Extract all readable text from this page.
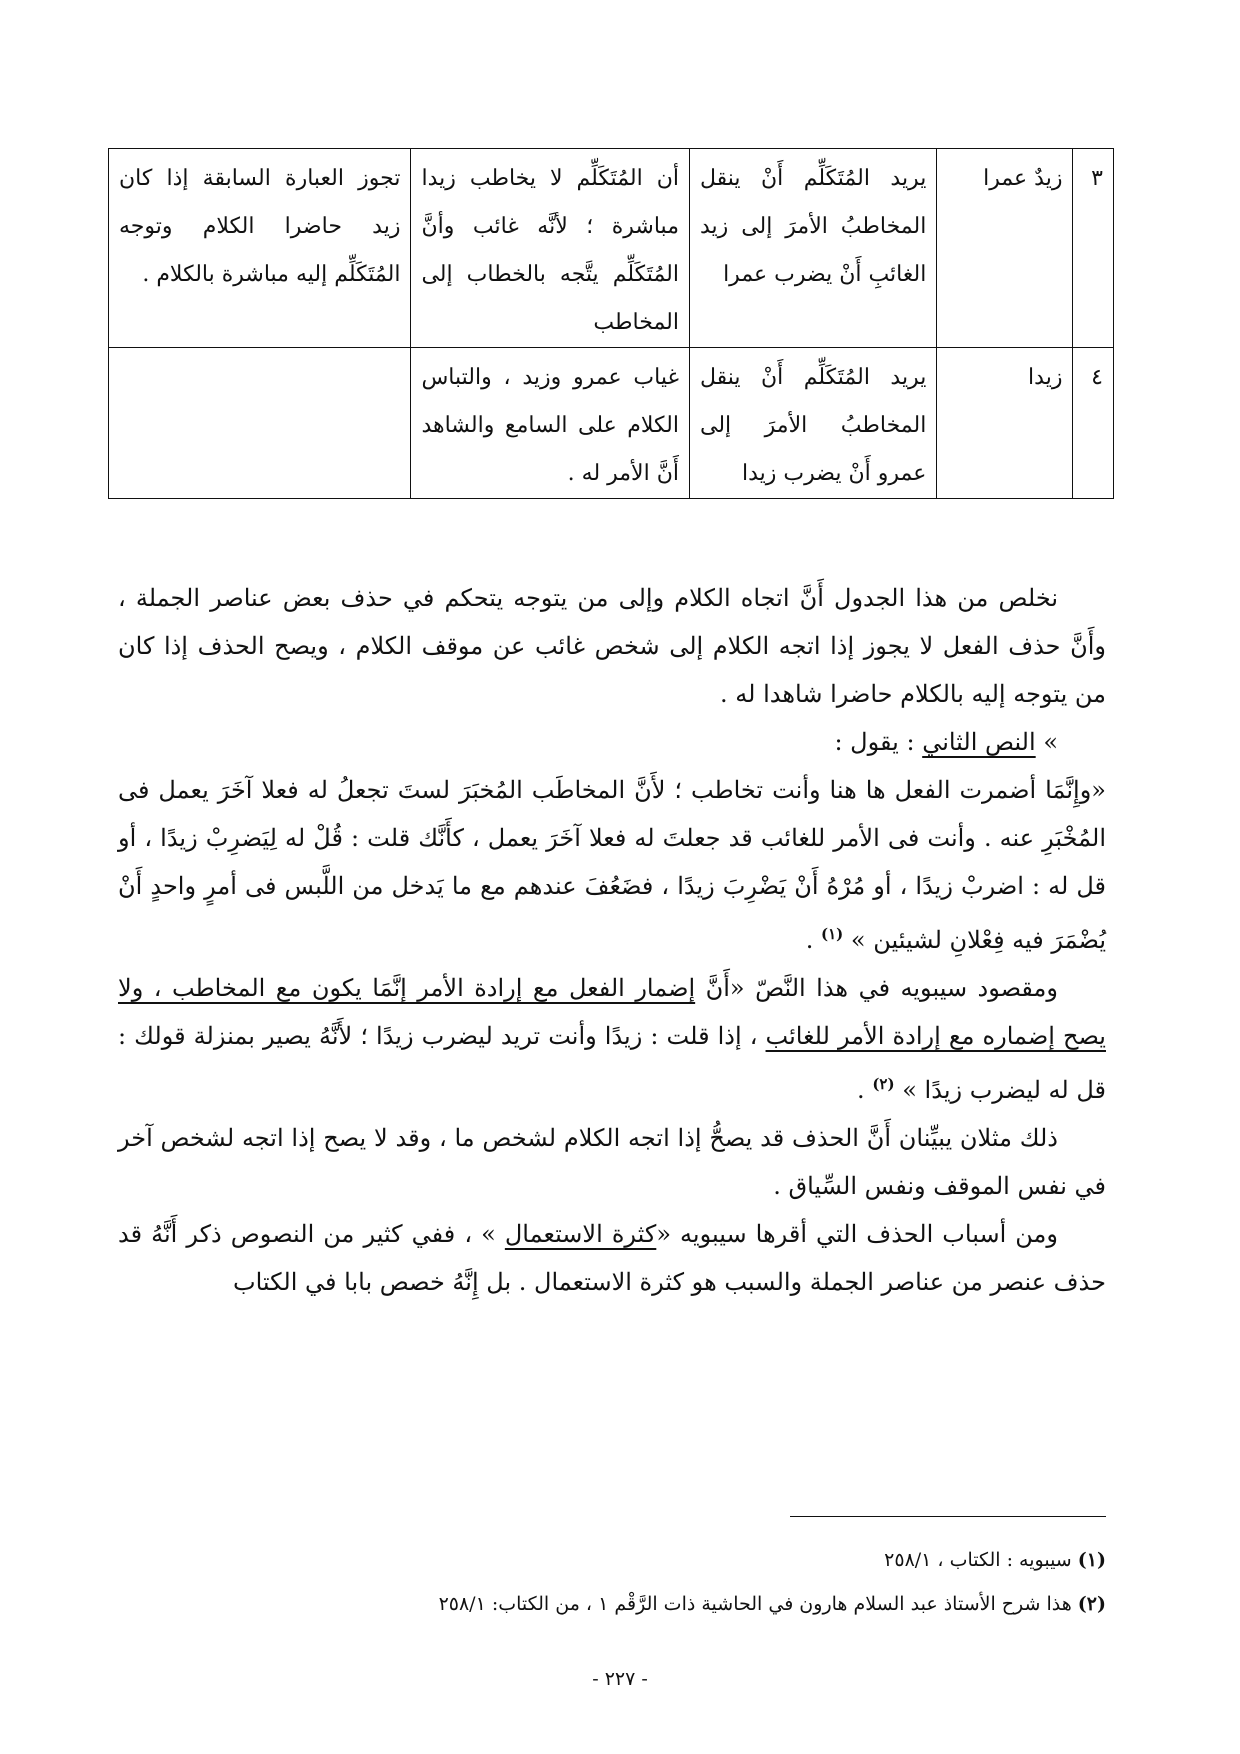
٣	زيدٌ عمرا	يريد المُتَكَلِّم أَنْ ينقل المخاطبُ الأمرَ إلى زيد الغائبِ أَنْ يضرب عمرا	أن المُتَكَلِّم لا يخاطب زيدا مباشرة ؛ لأنَّه غائب وأنَّ المُتَكَلِّم يتَّجه بالخطاب إلى المخاطب	تجوز العبارة السابقة إذا كان زيد حاضرا الكلام وتوجه المُتَكَلِّم إليه مباشرة بالكلام .
٤	زيدا	يريد المُتَكَلِّم أَنْ ينقل المخاطبُ الأمرَ إلى عمرو أَنْ يضرب زيدا	غياب عمرو وزيد ، والتباس الكلام على السامع والشاهد أَنَّ الأمر له .	

نخلص من هذا الجدول أَنَّ اتجاه الكلام وإلى من يتوجه يتحكم في حذف بعض عناصر الجملة ، وأَنَّ حذف الفعل لا يجوز إذا اتجه الكلام إلى شخص غائب عن موقف الكلام ، ويصح الحذف إذا كان من يتوجه إليه بالكلام حاضرا شاهدا له .

» النص الثاني : يقول :

«وإِنَّمَا أضمرت الفعل ها هنا وأنت تخاطب ؛ لأَنَّ المخاطَب المُخبَرَ لستَ تجعلُ له فعلا آخَرَ يعمل فى المُخْبَرِ عنه . وأنت فى الأمر للغائب قد جعلتَ له فعلا آخَرَ يعمل ، كأَنَّك قلت : قُلْ له لِيَضرِبْ زيدًا ، أو قل له : اضربْ زيدًا ، أو مُرْهُ أَنْ يَضْرِبَ زيدًا ، فضَعُفَ عندهم مع ما يَدخل من اللَّبس فى أمرٍ واحدٍ أَنْ يُضْمَرَ فيه فِعْلانِ لشيئين » $^{(١)}$ .

ومقصود سيبويه في هذا النَّصّ «أَنَّ إضمار الفعل مع إرادة الأمر إنَّمَا يكون مع المخاطب ، ولا يصح إضماره مع إرادة الأمر للغائب ، إذا قلت : زيدًا وأنت تريد ليضرب زيدًا ؛ لأَنَّهُ يصير بمنزلة قولك : قل له ليضرب زيدًا » $^{(٢)}$ .

ذلك مثلان يبيِّنان أَنَّ الحذف قد يصحُّ إذا اتجه الكلام لشخص ما ، وقد لا يصح إذا اتجه لشخص آخر في نفس الموقف ونفس السِّياق .

ومن أسباب الحذف التي أقرها سيبويه «كثرة الاستعمال » ، ففي كثير من النصوص ذكر أَنَّهُ قد حذف عنصر من عناصر الجملة والسبب هو كثرة الاستعمال . بل إِنَّهُ خصص بابا في الكتاب

(١) سيبويه : الكتاب ، ٢٥٨/١

(٢) هذا شرح الأستاذ عبد السلام هارون في الحاشية ذات الرَّقْم ١ ، من الكتاب: ٢٥٨/١

- ٢٢٧ -
